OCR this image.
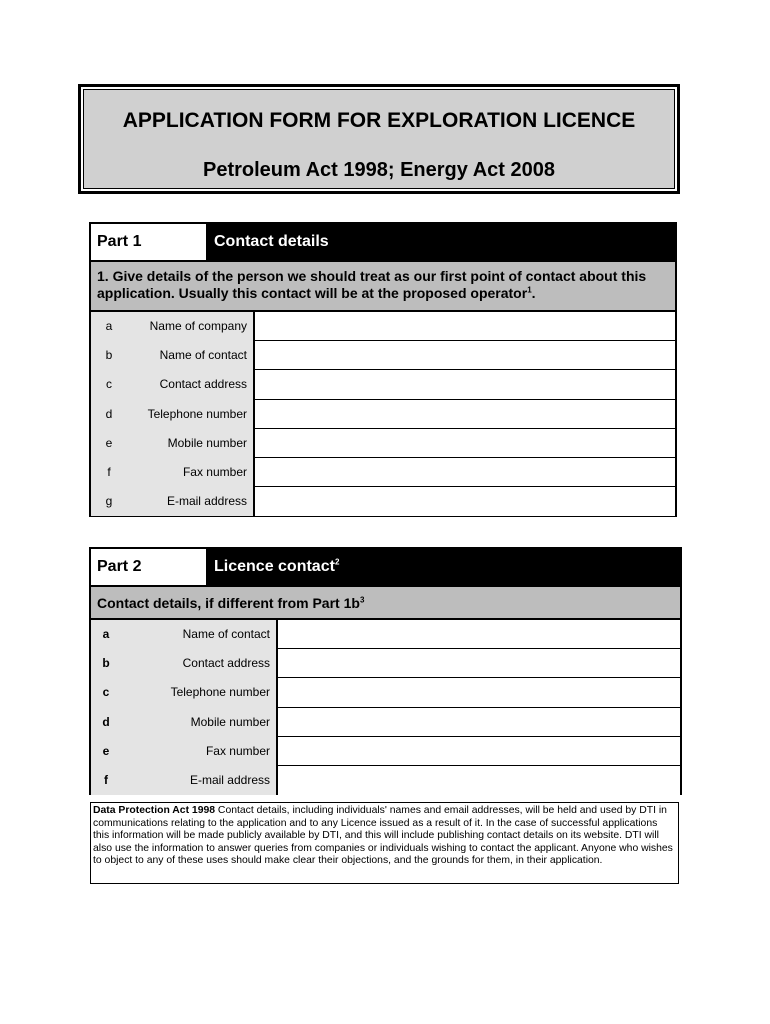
APPLICATION FORM FOR EXPLORATION LICENCE
Petroleum Act 1998; Energy Act 2008
Part 1	Contact details
1. Give details of the person we should treat as our first point of contact about this application. Usually this contact will be at the proposed operator$^1$.
a	Name of company
b	Name of contact
c	Contact address
d	Telephone number
e	Mobile number
f	Fax number
g	E-mail address
Part 2	Licence contact$^2$
Contact details, if different from Part $1b^3$
a	Name of contact
b	Contact address
c	Telephone number
d	Mobile number
e	Fax number
f	E-mail address
Data Protection Act 1998 Contact details, including individuals' names and email addresses, will be held and used by DTI in communications relating to the application and to any Licence issued as a result of it. In the case of successful applications this information will be made publicly available by DTI, and this will include publishing contact details on its website. DTI will also use the information to answer queries from companies or individuals wishing to contact the applicant. Anyone who wishes to object to any of these uses should make clear their objections, and the grounds for them, in their application.
